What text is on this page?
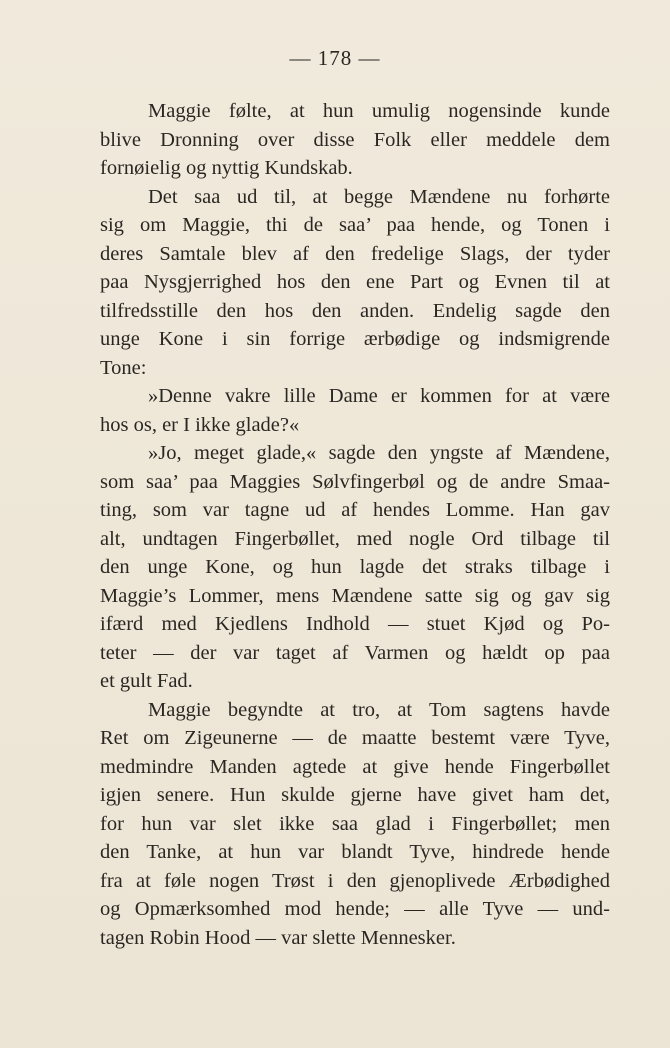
— 178 —
Maggie følte, at hun umulig nogensinde kunde
blive Dronning over disse Folk eller meddele dem
fornøielig og nyttig Kundskab.
Det saa ud til, at begge Mændene nu forhørte
sig om Maggie, thi de saa’ paa hende, og Tonen i
deres Samtale blev af den fredelige Slags, der tyder
paa Nysgjerrighed hos den ene Part og Evnen til at
tilfredsstille den hos den anden. Endelig sagde den
unge Kone i sin forrige ærbødige og indsmigrende
Tone:
»Denne vakre lille Dame er kommen for at være
hos os, er I ikke glade?«
»Jo, meget glade,« sagde den yngste af Mændene,
som saa’ paa Maggies Sølvfingerbøl og de andre Smaa-
ting, som var tagne ud af hendes Lomme. Han gav
alt, undtagen Fingerbøllet, med nogle Ord tilbage til
den unge Kone, og hun lagde det straks tilbage i
Maggie’s Lommer, mens Mændene satte sig og gav sig
ifærd med Kjedlens Indhold — stuet Kjød og Po-
teter — der var taget af Varmen og hældt op paa
et gult Fad.
Maggie begyndte at tro, at Tom sagtens havde
Ret om Zigeunerne — de maatte bestemt være Tyve,
medmindre Manden agtede at give hende Fingerbøllet
igjen senere. Hun skulde gjerne have givet ham det,
for hun var slet ikke saa glad i Fingerbøllet; men
den Tanke, at hun var blandt Tyve, hindrede hende
fra at føle nogen Trøst i den gjenoplivede Ærbødighed
og Opmærksomhed mod hende; — alle Tyve — und-
tagen Robin Hood — var slette Mennesker.
